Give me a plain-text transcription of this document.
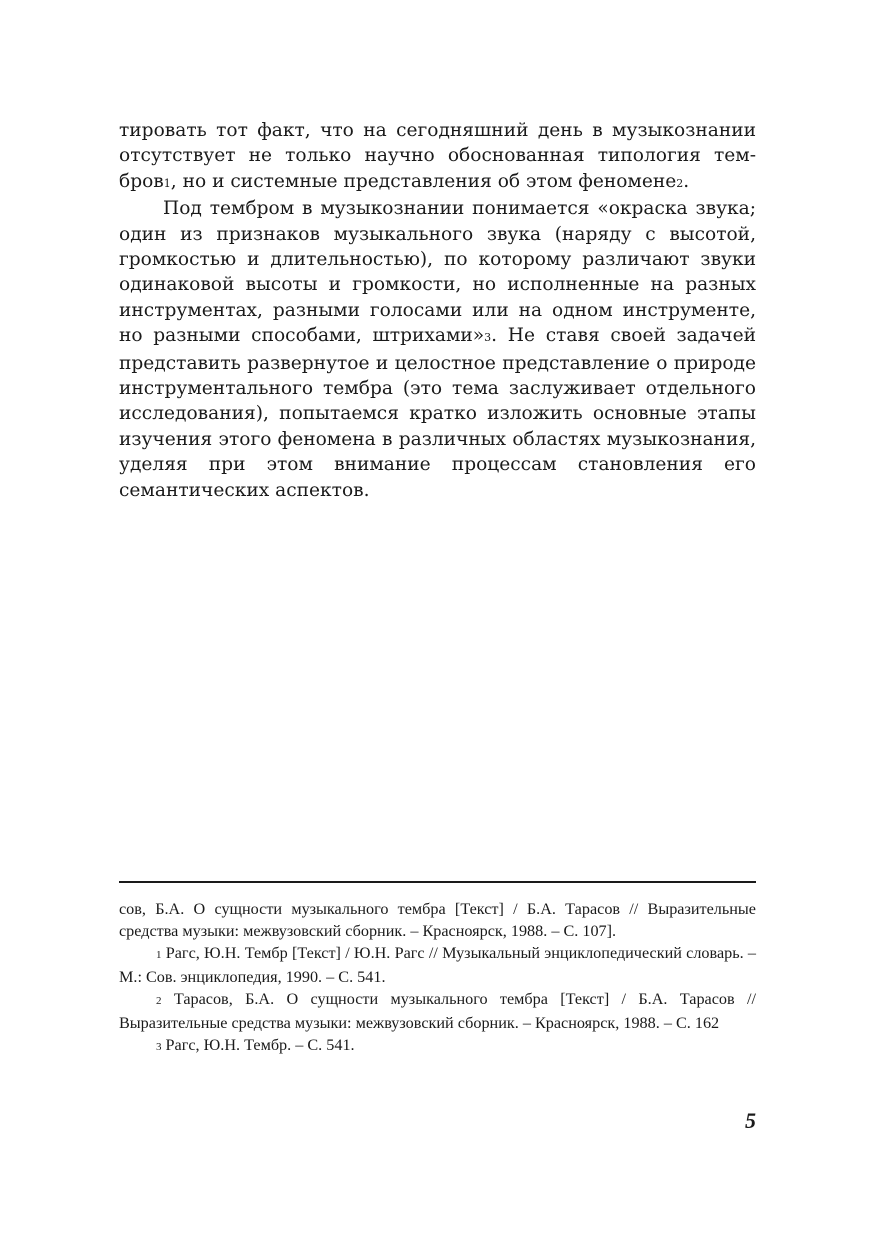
тировать тот факт, что на сегодняшний день в музыкознании отсутствует не только научно обоснованная типология тембров1, но и системные представления об этом феномене2.

Под тембром в музыкознании понимается «окраска звука; один из признаков музыкального звука (наряду с высотой, громкостью и длительностью), по которому различают звуки одинаковой высоты и громкости, но исполненные на разных инструментах, разными голосами или на одном инструменте, но разными способами, штрихами»3. Не ставя своей задачей представить развернутое и целостное представление о природе инструментального тембра (это тема заслуживает отдельного исследования), попытаемся кратко изложить основные этапы изучения этого феномена в различных областях музыкознания, уделяя при этом внимание процессам становления его семантических аспектов.

сов, Б.А. О сущности музыкального тембра [Текст] / Б.А. Тарасов // Выразительные средства музыки: межвузовский сборник. – Красноярск, 1988. – С. 107].

1 Рагс, Ю.Н. Тембр [Текст] / Ю.Н. Рагс // Музыкальный энциклопедический словарь. – М.: Сов. энциклопедия, 1990. – С. 541.

2 Тарасов, Б.А. О сущности музыкального тембра [Текст] / Б.А. Тарасов // Выразительные средства музыки: межвузовский сборник. – Красноярск, 1988. – С. 162

3 Рагс, Ю.Н. Тембр. – С. 541.

5
